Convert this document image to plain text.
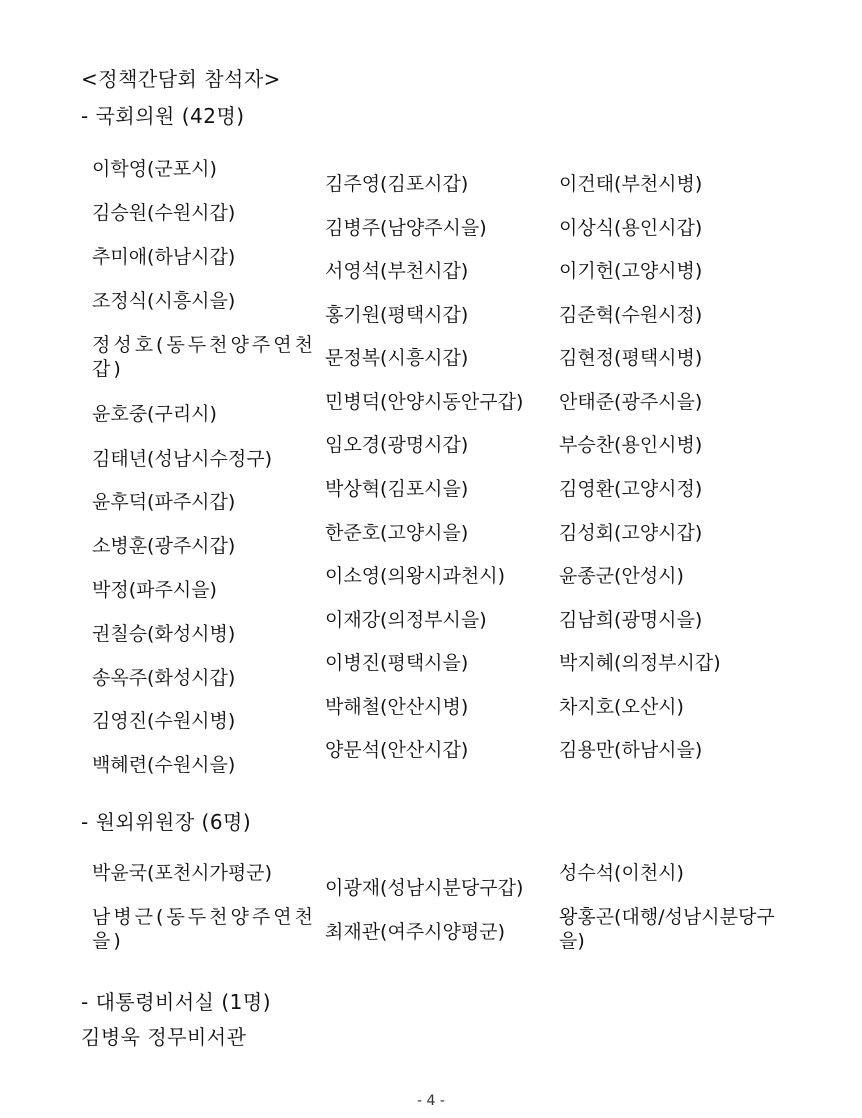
<정책간담회 참석자>
- 국회의원 (42명)
이학영(군포시)
김승원(수원시갑)
추미애(하남시갑)
조정식(시흥시을)
정성호(동두천양주연천갑)
윤호중(구리시)
김태년(성남시수정구)
윤후덕(파주시갑)
소병훈(광주시갑)
박정(파주시을)
권칠승(화성시병)
송옥주(화성시갑)
김영진(수원시병)
백혜련(수원시을)
김주영(김포시갑)
김병주(남양주시을)
서영석(부천시갑)
홍기원(평택시갑)
문정복(시흥시갑)
민병덕(안양시동안구갑)
임오경(광명시갑)
박상혁(김포시을)
한준호(고양시을)
이소영(의왕시과천시)
이재강(의정부시을)
이병진(평택시을)
박해철(안산시병)
양문석(안산시갑)
이건태(부천시병)
이상식(용인시갑)
이기헌(고양시병)
김준혁(수원시정)
김현정(평택시병)
안태준(광주시을)
부승찬(용인시병)
김영환(고양시정)
김성회(고양시갑)
윤종군(안성시)
김남희(광명시을)
박지혜(의정부시갑)
차지호(오산시)
김용만(하남시을)
- 원외위원장 (6명)
박윤국(포천시가평군)
남병근(동두천양주연천을)
이광재(성남시분당구갑)
최재관(여주시양평군)
성수석(이천시)
왕홍곤(대행/성남시분당구을)
- 대통령비서실 (1명)
김병욱 정무비서관
- 4 -
